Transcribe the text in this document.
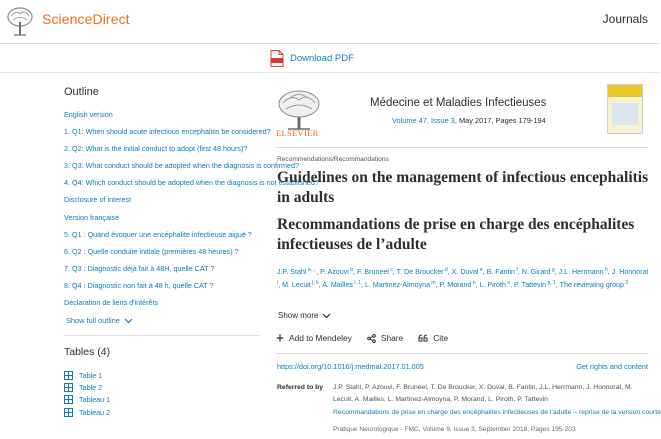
ScienceDirect	Journals
Download PDF
Outline
English version
1. Q1: When should acute infectious encephalitis be considered?
2. Q2: What is the initial conduct to adopt (first 48 hours)?
3. Q3: What conduct should be adopted when the diagnosis is confirmed?
4. Q4: Which conduct should be adopted when the diagnosis is not established?
Disclosure of interest
Version française
5. Q1 : Quand évoquer une encéphalite infectieuse aiguë ?
6. Q2 : Quelle conduite initiale (premières 48 heures) ?
7. Q3 : Diagnostic déjà fait à 48H, quelle CAT ?
8. Q4 : Diagnostic non fait à 48 h, quelle CAT ?
Déclaration de liens d'intérêts
Show full outline
Tables (4)
Table 1
Table 2
Tableau 1
Tableau 2
ELSEVIER
Médecine et Maladies Infectieuses
Volume 47, Issue 3, May 2017, Pages 179-194
Recommendations/Recommandations
Guidelines on the management of infectious encephalitis in adults
Recommandations de prise en charge des encéphalites infectieuses de l’adulte
J.P. Stahl $^{a, ,}$ , P. Azouvi $^b$, F. Bruneel $^c$, T. De Broucker $^d$, X. Duval $^e$, B. Fantin $^f$, N. Girard $^g$, J.L. Herrmann $^h$, J. Honnorat $^i$, M. Lecuit $^{j, k}$, A. Mailles $^{l, 1}$, L. Martinez-Almoyna $^m$, P. Morand $^n$, L. Piroth $^o$, P. Tattevin $^{p, 1}$, The reviewing group $^2$
Show more
Add to Mendeley	Share	Cite
https://doi.org/10.1016/j.medmal.2017.01.005	Get rights and content
Referred to by J.P. Stahl, P. Azouvi, F. Bruneel, T. De Broucker, X. Duval, B. Fantin, J.L. Herrmann, J. Honnorat, M. Lecuit, A. Mailles, L. Martinez-Almoyna, P. Morand, L. Piroth, P. Tattevin
Recommandations de prise en charge des encéphalites infectieuses de l’adulte – reprise de la version courte
Pratique Neurologique - FMC, Volume 9, Issue 3, September 2018, Pages 195-203
